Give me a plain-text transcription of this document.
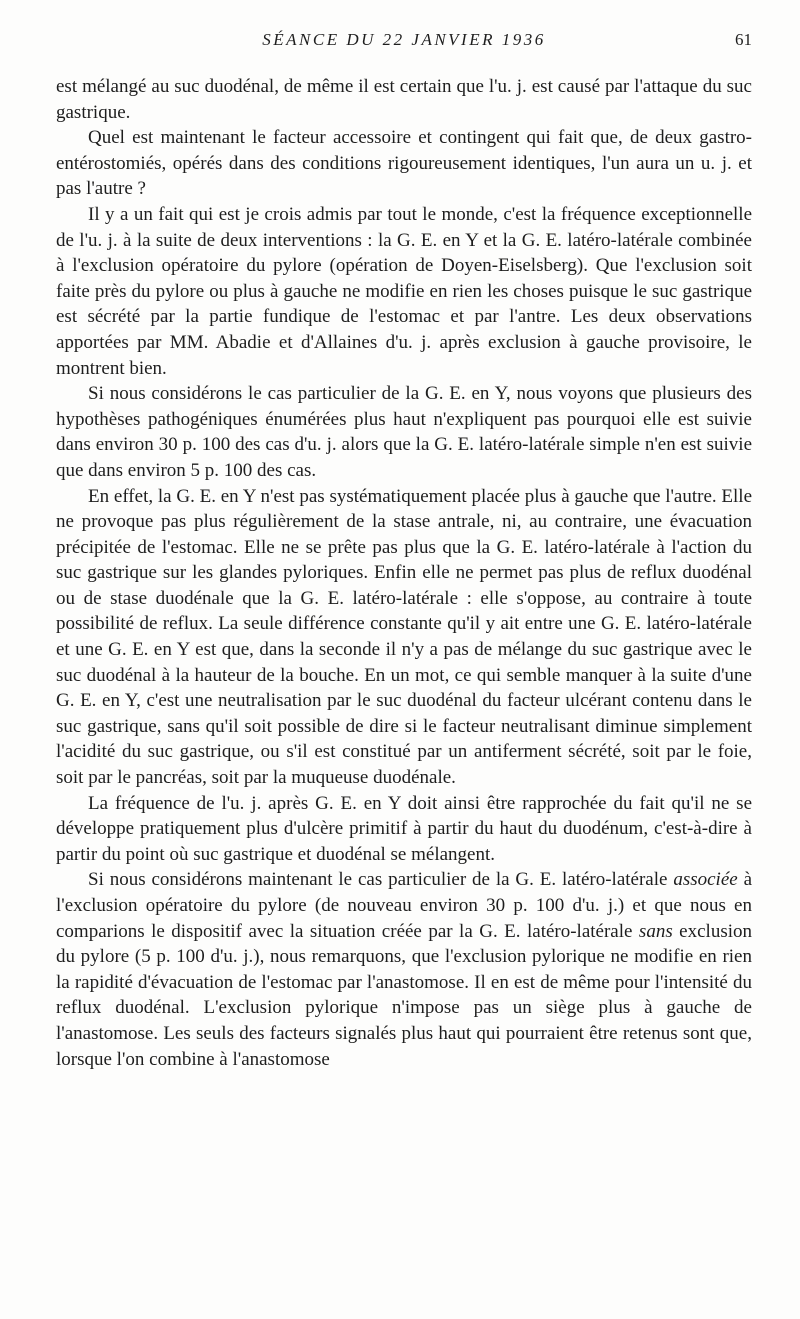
SÉANCE DU 22 JANVIER 1936	61

est mélangé au suc duodénal, de même il est certain que l'u. j. est causé par l'attaque du suc gastrique.

Quel est maintenant le facteur accessoire et contingent qui fait que, de deux gastro-entérostomiés, opérés dans des conditions rigoureusement identiques, l'un aura un u. j. et pas l'autre ?

Il y a un fait qui est je crois admis par tout le monde, c'est la fréquence exceptionnelle de l'u. j. à la suite de deux interventions : la G. E. en Y et la G. E. latéro-latérale combinée à l'exclusion opératoire du pylore (opération de Doyen-Eiselsberg). Que l'exclusion soit faite près du pylore ou plus à gauche ne modifie en rien les choses puisque le suc gastrique est sécrété par la partie fundique de l'estomac et par l'antre. Les deux observations apportées par MM. Abadie et d'Allaines d'u. j. après exclusion à gauche provisoire, le montrent bien.

Si nous considérons le cas particulier de la G. E. en Y, nous voyons que plusieurs des hypothèses pathogéniques énumérées plus haut n'expliquent pas pourquoi elle est suivie dans environ 30 p. 100 des cas d'u. j. alors que la G. E. latéro-latérale simple n'en est suivie que dans environ 5 p. 100 des cas.

En effet, la G. E. en Y n'est pas systématiquement placée plus à gauche que l'autre. Elle ne provoque pas plus régulièrement de la stase antrale, ni, au contraire, une évacuation précipitée de l'estomac. Elle ne se prête pas plus que la G. E. latéro-latérale à l'action du suc gastrique sur les glandes pyloriques. Enfin elle ne permet pas plus de reflux duodénal ou de stase duodénale que la G. E. latéro-latérale : elle s'oppose, au contraire à toute possibilité de reflux. La seule différence constante qu'il y ait entre une G. E. latéro-latérale et une G. E. en Y est que, dans la seconde il n'y a pas de mélange du suc gastrique avec le suc duodénal à la hauteur de la bouche. En un mot, ce qui semble manquer à la suite d'une G. E. en Y, c'est une neutralisation par le suc duodénal du facteur ulcérant contenu dans le suc gastrique, sans qu'il soit possible de dire si le facteur neutralisant diminue simplement l'acidité du suc gastrique, ou s'il est constitué par un antiferment sécrété, soit par le foie, soit par le pancréas, soit par la muqueuse duodénale.

La fréquence de l'u. j. après G. E. en Y doit ainsi être rapprochée du fait qu'il ne se développe pratiquement plus d'ulcère primitif à partir du haut du duodénum, c'est-à-dire à partir du point où suc gastrique et duodénal se mélangent.

Si nous considérons maintenant le cas particulier de la G. E. latéro-latérale associée à l'exclusion opératoire du pylore (de nouveau environ 30 p. 100 d'u. j.) et que nous en comparions le dispositif avec la situation créée par la G. E. latéro-latérale sans exclusion du pylore (5 p. 100 d'u. j.), nous remarquons, que l'exclusion pylorique ne modifie en rien la rapidité d'évacuation de l'estomac par l'anastomose. Il en est de même pour l'intensité du reflux duodénal. L'exclusion pylorique n'impose pas un siège plus à gauche de l'anastomose. Les seuls des facteurs signalés plus haut qui pourraient être retenus sont que, lorsque l'on combine à l'anastomose
